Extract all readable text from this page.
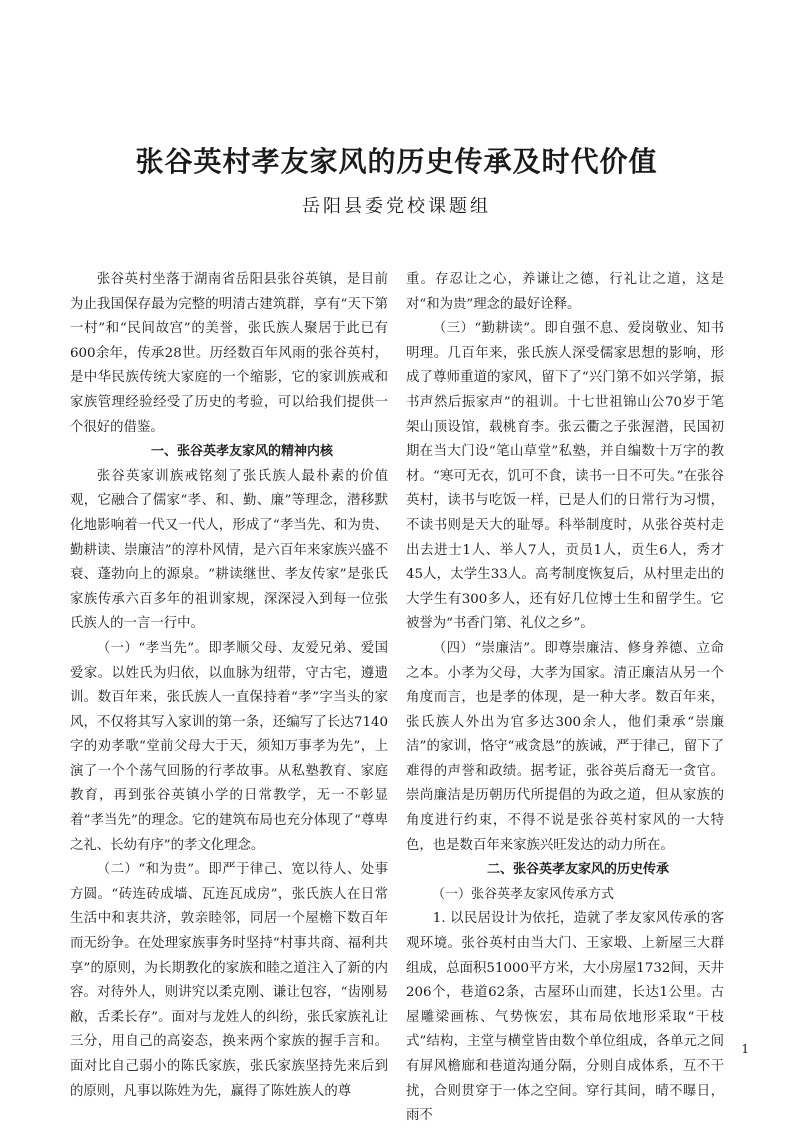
张谷英村孝友家风的历史传承及时代价值
岳阳县委党校课题组

张谷英村坐落于湖南省岳阳县张谷英镇，是目前为止我国保存最为完整的明清古建筑群，享有“天下第一村”和“民间故宫”的美誉，张氏族人聚居于此已有600余年，传承28世。历经数百年风雨的张谷英村，是中华民族传统大家庭的一个缩影，它的家训族戒和家族管理经验经受了历史的考验，可以给我们提供一个很好的借鉴。

一、张谷英孝友家风的精神内核

张谷英家训族戒铭刻了张氏族人最朴素的价值观，它融合了儒家“孝、和、勤、廉”等理念，潜移默化地影响着一代又一代人，形成了“孝当先、和为贵、勤耕读、崇廉洁”的淳朴风情，是六百年来家族兴盛不衰、蓬勃向上的源泉。“耕读继世、孝友传家”是张氏家族传承六百多年的祖训家规，深深浸入到每一位张氏族人的一言一行中。

（一）“孝当先”。即孝顺父母、友爱兄弟、爱国爱家。以姓氏为归依，以血脉为纽带，守古宅，遵遗训。数百年来，张氏族人一直保持着“孝”字当头的家风，不仅将其写入家训的第一条，还编写了长达7140字的劝孝歌“堂前父母大于天，须知万事孝为先”，上演了一个个荡气回肠的行孝故事。从私塾教育、家庭教育，再到张谷英镇小学的日常教学，无一不彰显着“孝当先”的理念。它的建筑布局也充分体现了“尊卑之礼、长幼有序”的孝文化理念。

（二）“和为贵”。即严于律己、宽以待人、处事方圆。“砖连砖成墙、瓦连瓦成房”，张氏族人在日常生活中和衷共济，敦亲睦邻，同居一个屋檐下数百年而无纷争。在处理家族事务时坚持“村事共商、福利共享”的原则，为长期教化的家族和睦之道注入了新的内容。对待外人，则讲究以柔克刚、谦让包容，“齿刚易敝，舌柔长存”。面对与龙姓人的纠纷，张氏家族礼让三分，用自己的高姿态，换来两个家族的握手言和。面对比自己弱小的陈氏家族，张氏家族坚持先来后到的原则，凡事以陈姓为先，赢得了陈姓族人的尊

重。存忍让之心，养谦让之德，行礼让之道，这是对“和为贵”理念的最好诠释。

（三）“勤耕读”。即自强不息、爱岗敬业、知书明理。几百年来，张氏族人深受儒家思想的影响，形成了尊师重道的家风，留下了“兴门第不如兴学第，振书声然后振家声”的祖训。十七世祖锦山公70岁于笔架山顶设馆，载桃育李。张云衢之子张渥潜，民国初期在当大门设“笔山草堂”私塾，并自编数十万字的教材。“寒可无衣，饥可不食，读书一日不可失。”在张谷英村，读书与吃饭一样，已是人们的日常行为习惯，不读书则是天大的耻辱。科举制度时，从张谷英村走出去进士1人、举人7人，贡员1人，贡生6人，秀才45人，太学生33人。高考制度恢复后，从村里走出的大学生有300多人，还有好几位博士生和留学生。它被誉为“书香门第、礼仪之乡”。

（四）“崇廉洁”。即尊崇廉洁、修身养德、立命之本。小孝为父母，大孝为国家。清正廉洁从另一个角度而言，也是孝的体现，是一种大孝。数百年来，张氏族人外出为官多达300余人，他们秉承“崇廉洁”的家训，恪守“戒贪恳”的族诫，严于律己，留下了难得的声誉和政绩。据考证，张谷英后裔无一贪官。崇尚廉洁是历朝历代所提倡的为政之道，但从家族的角度进行约束，不得不说是张谷英村家风的一大特色，也是数百年来家族兴旺发达的动力所在。

二、张谷英孝友家风的历史传承

（一）张谷英孝友家风传承方式

1. 以民居设计为依托，造就了孝友家风传承的客观环境。张谷英村由当大门、王家塅、上新屋三大群组成，总面积51000平方米，大小房屋1732间，天井206个，巷道62条，古屋环山而建，长达1公里。古屋雕梁画栋、气势恢宏，其布局依地形采取“干枝式”结构，主堂与横堂皆由数个单位组成，各单元之间有屏风檐廊和巷道沟通分隔，分则自成体系，互不干扰，合则贯穿于一体之空间。穿行其间，晴不曝日，雨不

1
